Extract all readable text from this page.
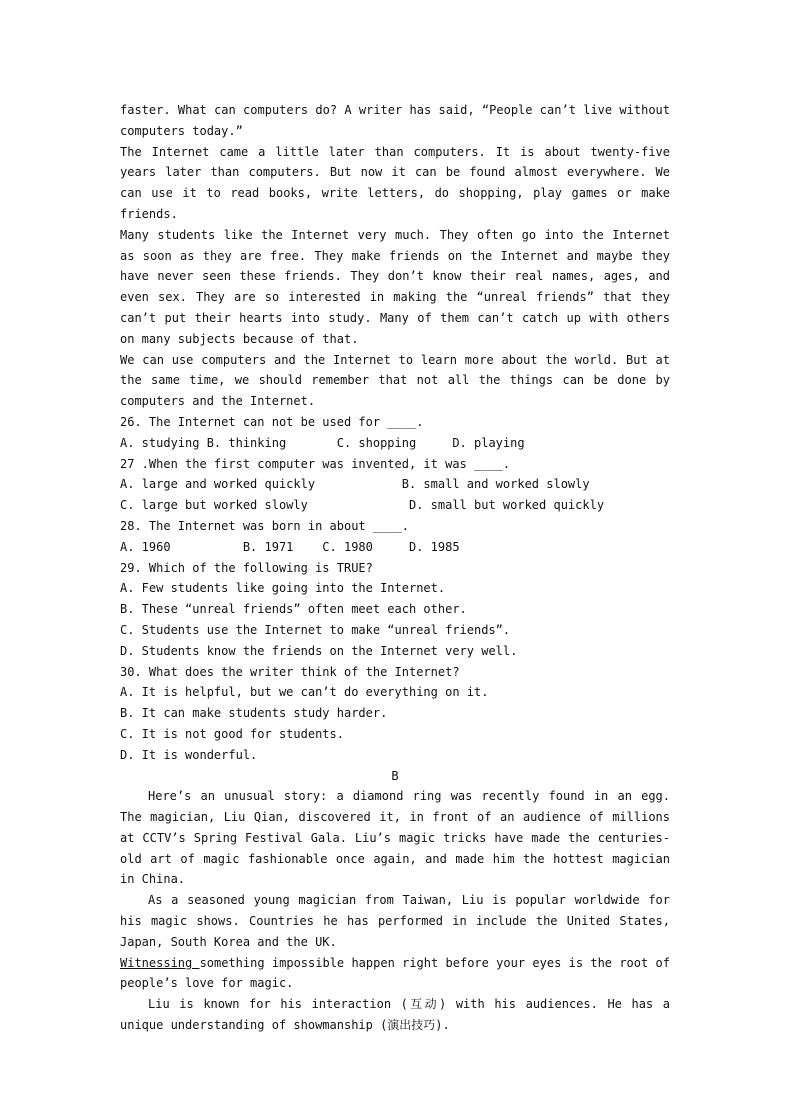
faster. What can computers do? A writer has said, “People can’t live without computers today.”

The Internet came a little later than computers. It is about twenty-five years later than computers. But now it can be found almost everywhere. We can use it to read books, write letters, do shopping, play games or make friends.

Many students like the Internet very much. They often go into the Internet as soon as they are free. They make friends on the Internet and maybe they have never seen these friends. They don’t know their real names, ages, and even sex. They are so interested in making the “unreal friends” that they can’t put their hearts into study. Many of them can’t catch up with others on many subjects because of that.

We can use computers and the Internet to learn more about the world. But at the same time, we should remember that not all the things can be done by computers and the Internet.

26. The Internet can not be used for ____.

A. studying B. thinking       C. shopping     D. playing

27 .When the first computer was invented, it was ____.

A. large and worked quickly            B. small and worked slowly

C. large but worked slowly              D. small but worked quickly

28. The Internet was born in about ____.

A. 1960          B. 1971    C. 1980     D. 1985

29. Which of the following is TRUE?

A. Few students like going into the Internet.

B. These “unreal friends” often meet each other.

C. Students use the Internet to make “unreal friends”.

D. Students know the friends on the Internet very well.

30. What does the writer think of the Internet?

A. It is helpful, but we can’t do everything on it.

B. It can make students study harder.

C. It is not good for students.

D. It is wonderful.

B

Here’s an unusual story: a diamond ring was recently found in an egg. The magician, Liu Qian, discovered it, in front of an audience of millions at CCTV’s Spring Festival Gala. Liu’s magic tricks have made the centuries-old art of magic fashionable once again, and made him the hottest magician in China.

As a seasoned young magician from Taiwan, Liu is popular worldwide for his magic shows. Countries he has performed in include the United States, Japan, South Korea and the UK.

Witnessing something impossible happen right before your eyes is the root of people’s love for magic.

Liu is known for his interaction (互动) with his audiences. He has a unique understanding of showmanship (演出技巧).
